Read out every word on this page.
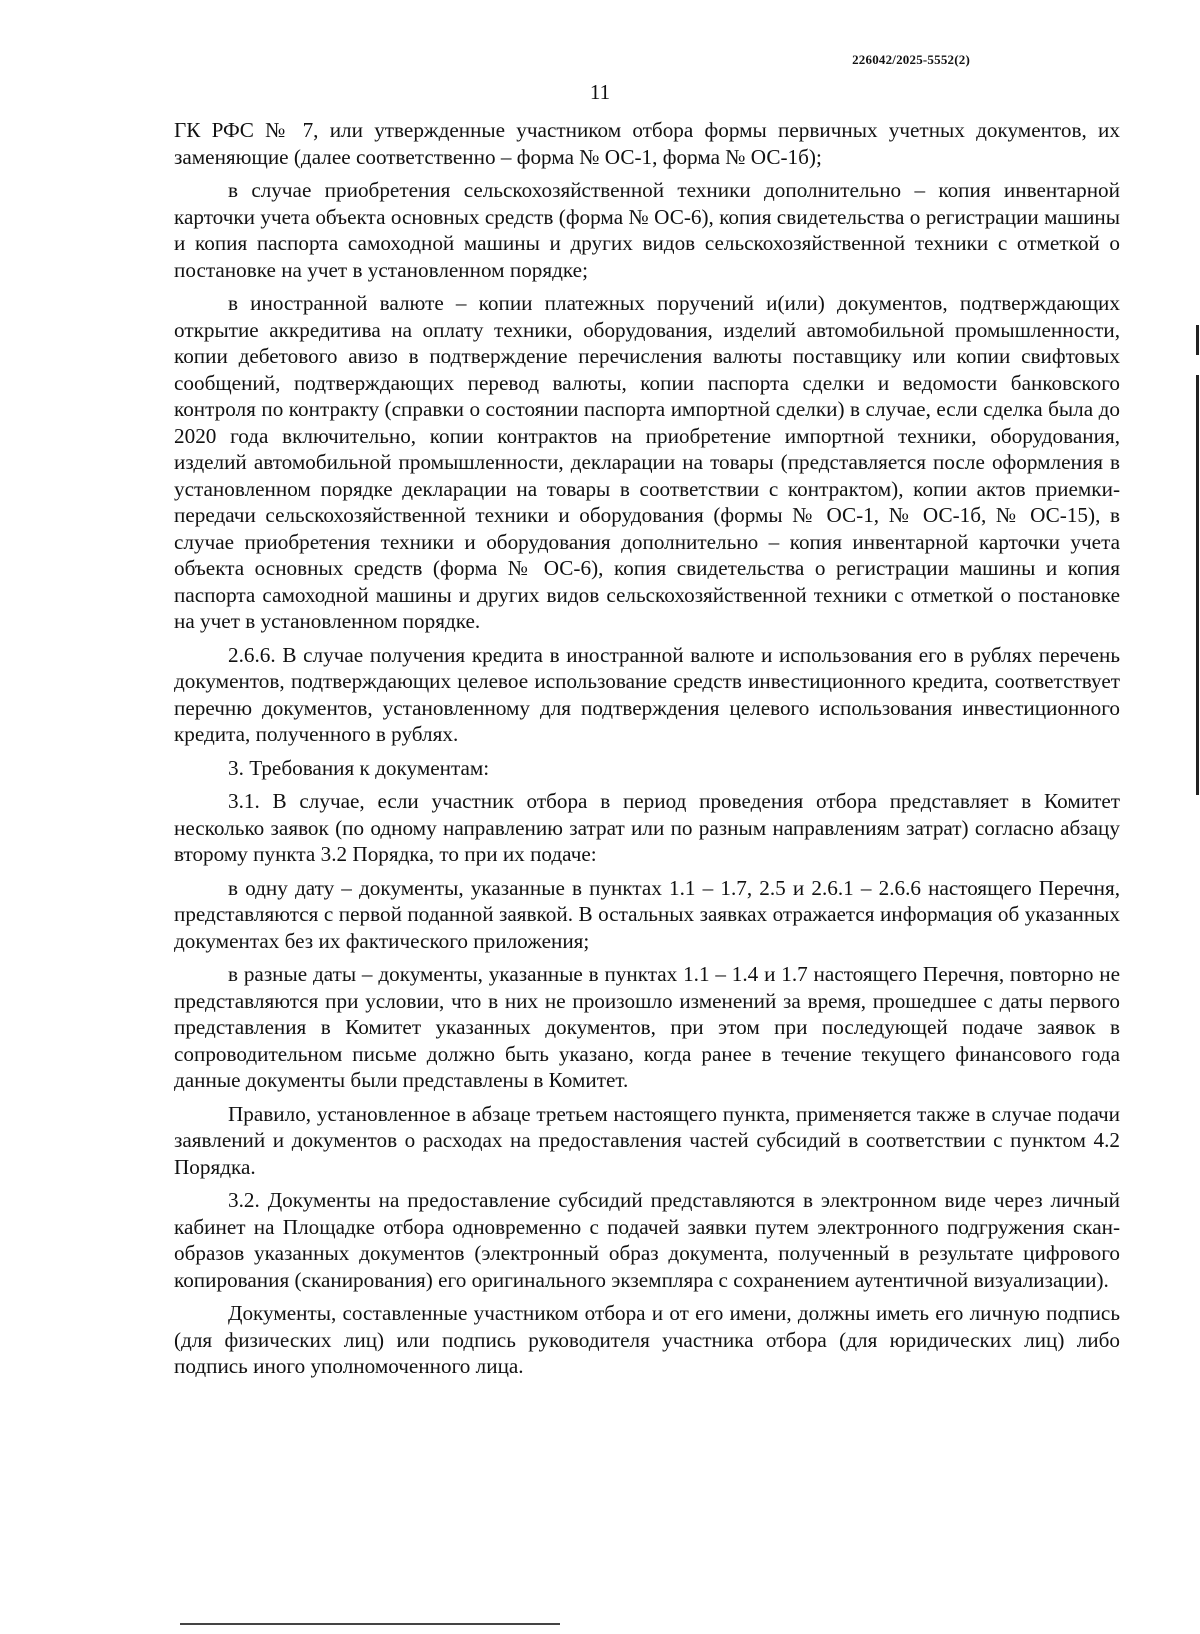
226042/2025-5552(2)
11

ГК РФС № 7, или утвержденные участником отбора формы первичных учетных документов, их заменяющие (далее соответственно – форма № ОС-1, форма № ОС-1б);

в случае приобретения сельскохозяйственной техники дополнительно – копия инвентарной карточки учета объекта основных средств (форма № ОС-6), копия свидетельства о регистрации машины и копия паспорта самоходной машины и других видов сельскохозяйственной техники с отметкой о постановке на учет в установленном порядке;

в иностранной валюте – копии платежных поручений и(или) документов, подтверждающих открытие аккредитива на оплату техники, оборудования, изделий автомобильной промышленности, копии дебетового авизо в подтверждение перечисления валюты поставщику или копии свифтовых сообщений, подтверждающих перевод валюты, копии паспорта сделки и ведомости банковского контроля по контракту (справки о состоянии паспорта импортной сделки) в случае, если сделка была до 2020 года включительно, копии контрактов на приобретение импортной техники, оборудования, изделий автомобильной промышленности, декларации на товары (представляется после оформления в установленном порядке декларации на товары в соответствии с контрактом), копии актов приемки-передачи сельскохозяйственной техники и оборудования (формы № ОС-1, № ОС-1б, № ОС-15), в случае приобретения техники и оборудования дополнительно – копия инвентарной карточки учета объекта основных средств (форма № ОС-6), копия свидетельства о регистрации машины и копия паспорта самоходной машины и других видов сельскохозяйственной техники с отметкой о постановке на учет в установленном порядке.

2.6.6. В случае получения кредита в иностранной валюте и использования его в рублях перечень документов, подтверждающих целевое использование средств инвестиционного кредита, соответствует перечню документов, установленному для подтверждения целевого использования инвестиционного кредита, полученного в рублях.

3. Требования к документам:

3.1. В случае, если участник отбора в период проведения отбора представляет в Комитет несколько заявок (по одному направлению затрат или по разным направлениям затрат) согласно абзацу второму пункта 3.2 Порядка, то при их подаче:

в одну дату – документы, указанные в пунктах 1.1 – 1.7, 2.5 и 2.6.1 – 2.6.6 настоящего Перечня, представляются с первой поданной заявкой. В остальных заявках отражается информация об указанных документах без их фактического приложения;

в разные даты – документы, указанные в пунктах 1.1 – 1.4 и 1.7 настоящего Перечня, повторно не представляются при условии, что в них не произошло изменений за время, прошедшее с даты первого представления в Комитет указанных документов, при этом при последующей подаче заявок в сопроводительном письме должно быть указано, когда ранее в течение текущего финансового года данные документы были представлены в Комитет.

Правило, установленное в абзаце третьем настоящего пункта, применяется также в случае подачи заявлений и документов о расходах на предоставления частей субсидий в соответствии с пунктом 4.2 Порядка.

3.2. Документы на предоставление субсидий представляются в электронном виде через личный кабинет на Площадке отбора одновременно с подачей заявки путем электронного подгружения скан-образов указанных документов (электронный образ документа, полученный в результате цифрового копирования (сканирования) его оригинального экземпляра с сохранением аутентичной визуализации).

Документы, составленные участником отбора и от его имени, должны иметь его личную подпись (для физических лиц) или подпись руководителя участника отбора (для юридических лиц) либо подпись иного уполномоченного лица.
